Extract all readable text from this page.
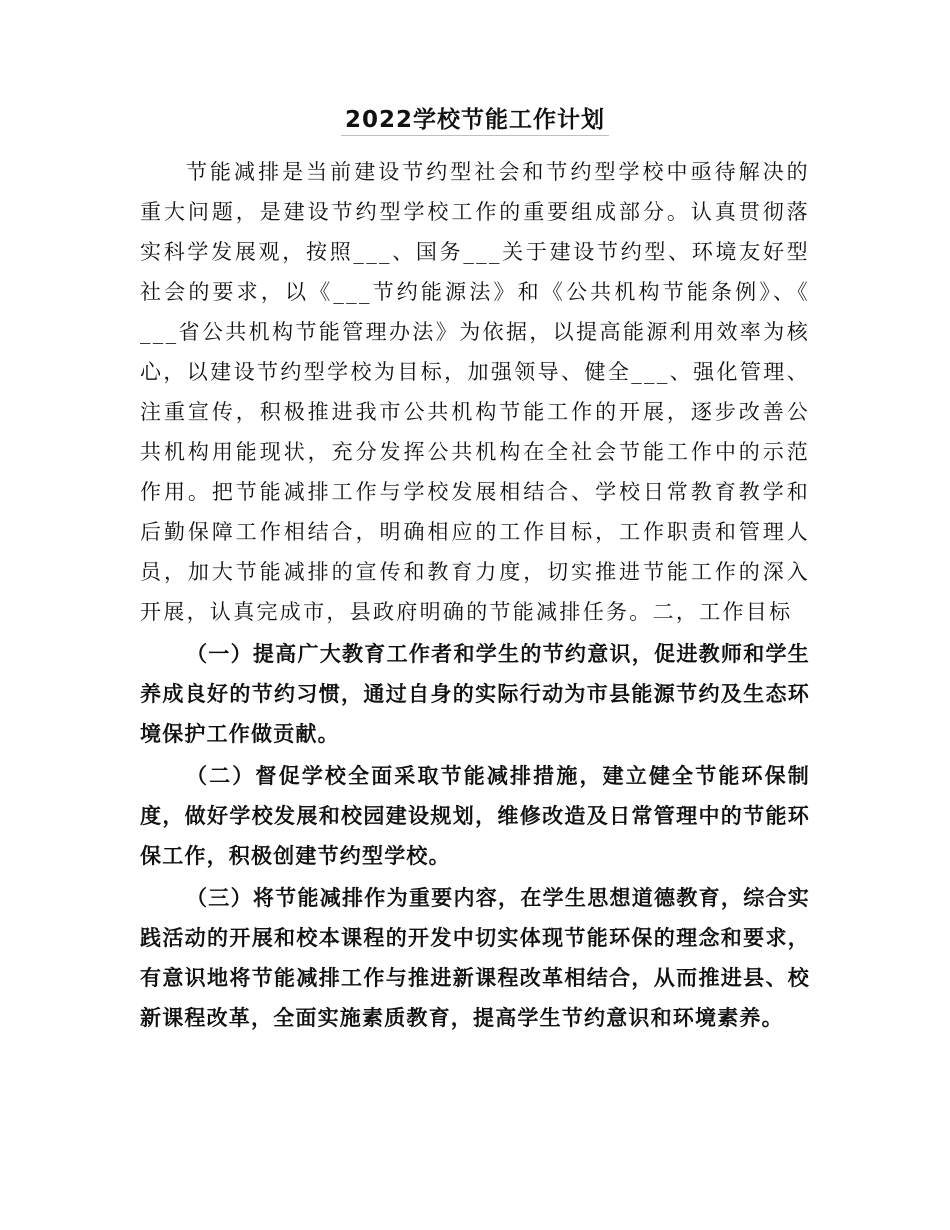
2022学校节能工作计划

节能减排是当前建设节约型社会和节约型学校中亟待解决的重大问题，是建设节约型学校工作的重要组成部分。认真贯彻落实科学发展观，按照___、国务___关于建设节约型、环境友好型社会的要求，以《___节约能源法》和《公共机构节能条例》、《 ___省公共机构节能管理办法》为依据，以提高能源利用效率为核心，以建设节约型学校为目标，加强领导、健全___、强化管理、注重宣传，积极推进我市公共机构节能工作的开展，逐步改善公共机构用能现状，充分发挥公共机构在全社会节能工作中的示范作用。把节能减排工作与学校发展相结合、学校日常教育教学和后勤保障工作相结合，明确相应的工作目标，工作职责和管理人员，加大节能减排的宣传和教育力度，切实推进节能工作的深入开展，认真完成市，县政府明确的节能减排任务。二，工作目标

（一）提高广大教育工作者和学生的节约意识，促进教师和学生养成良好的节约习惯，通过自身的实际行动为市县能源节约及生态环境保护工作做贡献。

（二）督促学校全面采取节能减排措施，建立健全节能环保制度，做好学校发展和校园建设规划，维修改造及日常管理中的节能环保工作，积极创建节约型学校。

（三）将节能减排作为重要内容，在学生思想道德教育，综合实践活动的开展和校本课程的开发中切实体现节能环保的理念和要求，有意识地将节能减排工作与推进新课程改革相结合，从而推进县、校新课程改革，全面实施素质教育，提高学生节约意识和环境素养。
